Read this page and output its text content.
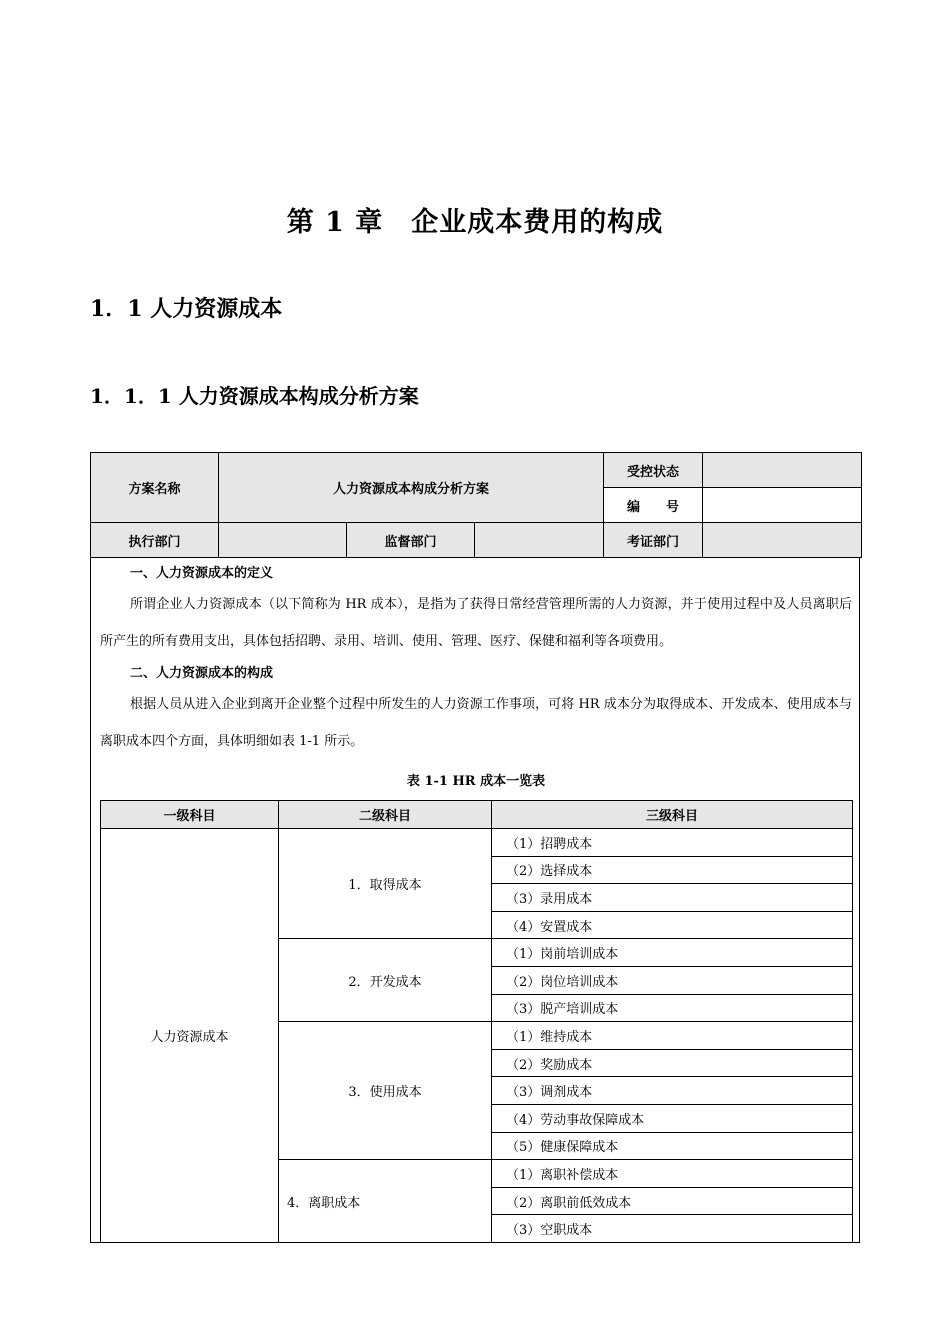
第 1 章　企业成本费用的构成
1．1 人力资源成本
1．1．1 人力资源成本构成分析方案
方案名称	人力资源成本构成分析方案			受控状态	
				编　　号	
执行部门		监督部门		考证部门	
一、人力资源成本的定义
所谓企业人力资源成本（以下简称为 HR 成本），是指为了获得日常经营管理所需的人力资源，并于使用过程中及人员离职后所产生的所有费用支出，具体包括招聘、录用、培训、使用、管理、医疗、保健和福利等各项费用。
二、人力资源成本的构成
根据人员从进入企业到离开企业整个过程中所发生的人力资源工作事项，可将 HR 成本分为取得成本、开发成本、使用成本与离职成本四个方面，具体明细如表 1-1 所示。
表 1-1 HR 成本一览表
一级科目	二级科目	三级科目
人力资源成本	1．取得成本	（1）招聘成本
		（2）选择成本
		（3）录用成本
		（4）安置成本
	2．开发成本	（1）岗前培训成本
		（2）岗位培训成本
		（3）脱产培训成本
	3．使用成本	（1）维持成本
		（2）奖励成本
		（3）调剂成本
		（4）劳动事故保障成本
		（5）健康保障成本
	4．离职成本	（1）离职补偿成本
		（2）离职前低效成本
		（3）空职成本
